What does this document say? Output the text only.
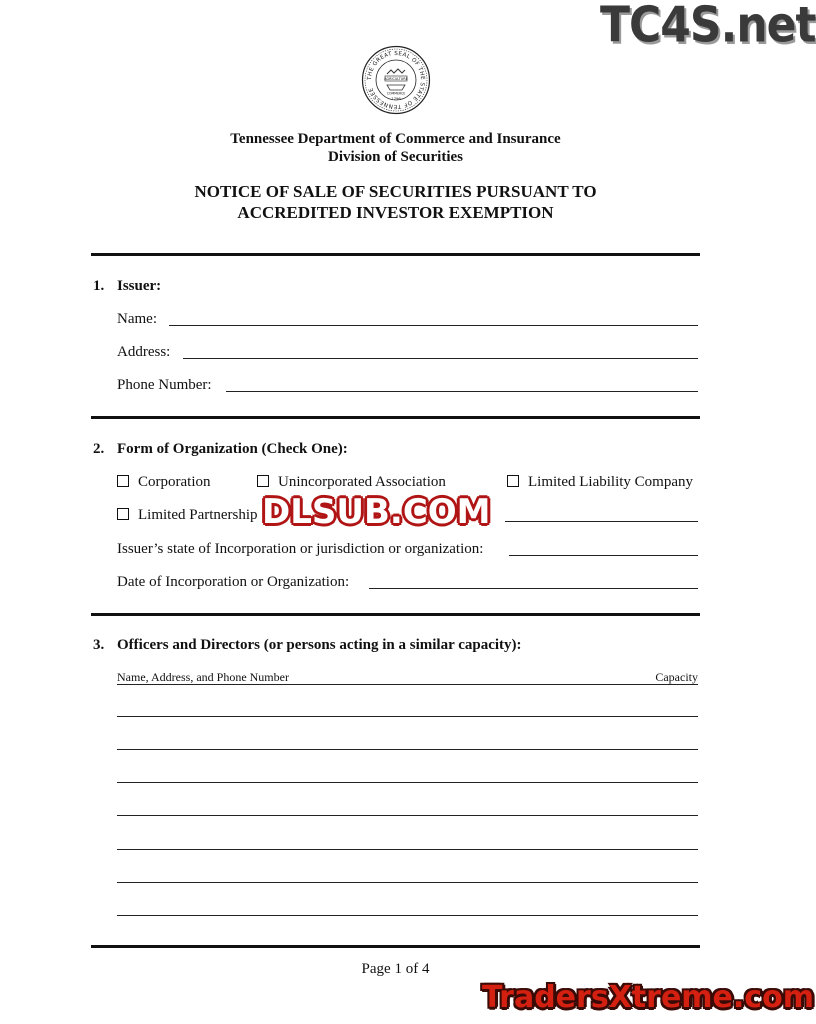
THE GREAT SEAL OF THE STATE OF TENNESSEE
AGRICULTURE
COMMERCE
1796
Tennessee Department of Commerce and Insurance
Division of Securities
NOTICE OF SALE OF SECURITIES PURSUANT TO
ACCREDITED INVESTOR EXEMPTION
1. Issuer:
Name:
Address:
Phone Number:
2. Form of Organization (Check One):
Corporation	Unincorporated Association	Limited Liability Company
Limited Partnership
Issuer’s state of Incorporation or jurisdiction or organization:
Date of Incorporation or Organization:
3. Officers and Directors (or persons acting in a similar capacity):
Name, Address, and Phone Number	Capacity
Page 1 of 4
TC4S.net
DLSUB.COM
TradersXtreme.com
